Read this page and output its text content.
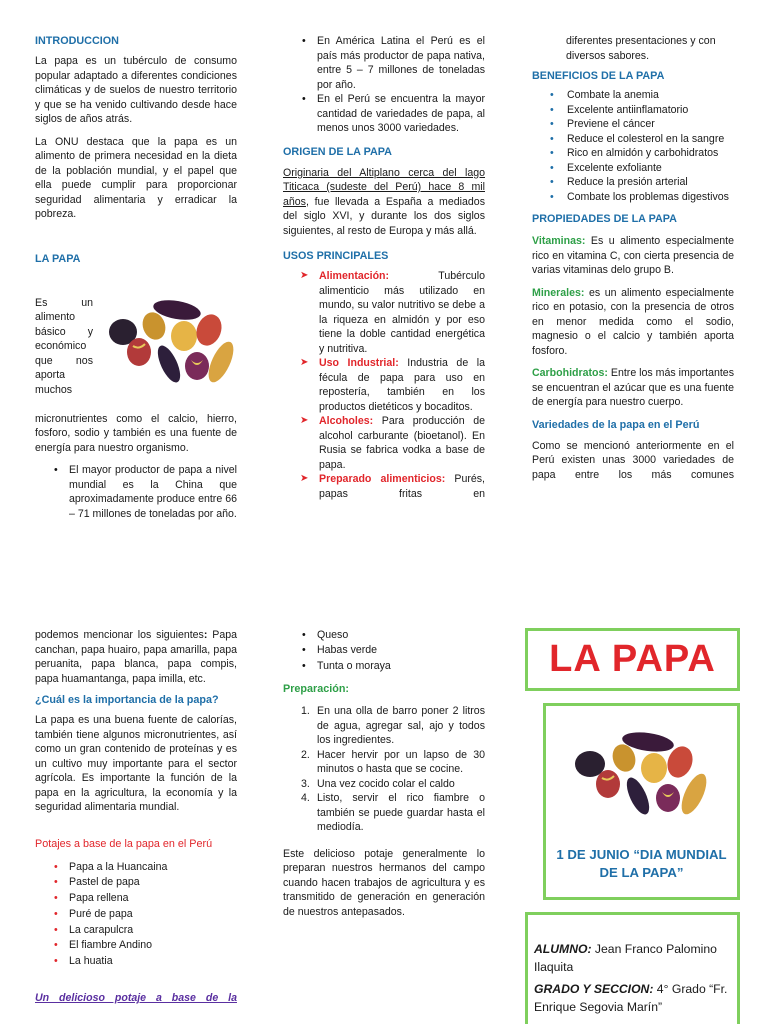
INTRODUCCION

La papa es un tubérculo de consumo popular adaptado a diferentes condiciones climáticas y de suelos de nuestro territorio y que se ha venido cultivando desde hace siglos de años atrás.

La ONU destaca que la papa es un alimento de primera necesidad en la dieta de la población mundial, y el papel que ella puede cumplir para proporcionar seguridad alimentaria y erradicar la pobreza.

LA PAPA
Es	un
alimento
básico y
económico
que nos
aporta
muchos

micronutrientes como el calcio, hierro, fosforo, sodio y también es una fuente de energía para nuestro organismo.

• El mayor productor de papa a nivel mundial es la China que aproximadamente produce entre 66 – 71 millones de toneladas por año.
• En América Latina el Perú es el país más productor de papa nativa, entre 5 – 7 millones de toneladas por año.
• En el Perú se encuentra la mayor cantidad de variedades de papa, al menos unos 3000 variedades.
ORIGEN DE LA PAPA

Originaria del Altiplano cerca del lago Titicaca (sudeste del Perú) hace 8 mil años, fue llevada a España a mediados del siglo XVI, y durante los dos siglos siguientes, al resto de Europa y más allá.

USOS PRINCIPALES
➤ Alimentación: Tubérculo alimenticio más utilizado en mundo, su valor nutritivo se debe a la riqueza en almidón y por eso tiene la doble cantidad energética y nutritiva.
➤ Uso Industrial: Industria de la fécula de papa para uso en repostería, también en los productos dietéticos y bocaditos.
➤ Alcoholes: Para producción de alcohol carburante (bioetanol). En Rusia se fabrica vodka a base de papa.
➤ Preparado alimenticios: Purés, papas fritas en

diferentes presentaciones y con diversos sabores.

BENEFICIOS DE LA PAPA
• Combate la anemia
• Excelente antiinflamatorio
• Previene el cáncer
• Reduce el colesterol en la sangre
• Rico en almidón y carbohidratos
• Excelente exfoliante
• Reduce la presión arterial
• Combate los problemas digestivos
PROPIEDADES DE LA PAPA

Vitaminas: Es u alimento especialmente rico en vitamina C, con cierta presencia de varias vitaminas delo grupo B.

Minerales: es un alimento especialmente rico en potasio, con la presencia de otros en menor medida como el sodio, magnesio o el calcio y también aporta fosforo.

Carbohidratos: Entre los más importantes se encuentran el azúcar que es una fuente de energía para nuestro cuerpo.

Variedades de la papa en el Perú

Como se mencionó anteriormente en el Perú existen unas 3000 variedades de papa entre los más comunes

podemos mencionar los siguientes: Papa canchan, papa huairo, papa amarilla, papa peruanita, papa blanca, papa compis, papa huamantanga, papa imilla, etc.

¿Cuál es la importancia de la papa?

La papa es una buena fuente de calorías, también tiene algunos micronutrientes, así como un gran contenido de proteínas y es un cultivo muy importante para el sector agrícola. Es importante la función de la papa en la agricultura, la economía y la seguridad alimentaria mundial.

Potajes a base de la papa en el Perú
• Papa a la Huancaina
• Pastel de papa
• Papa rellena
• Puré de papa
• La carapulcra
• El fiambre Andino
• La huatia

Un delicioso potaje a base de la

• Queso
• Habas verde
• Tunta o moraya
Preparación:
1. En una olla de barro poner 2 litros de agua, agregar sal, ajo y todos los ingredientes.
2. Hacer hervir por un lapso de 30 minutos o hasta que se cocine.
3. Una vez cocido colar el caldo
4. Listo, servir el rico fiambre o también se puede guardar hasta el mediodía.

Este delicioso potaje generalmente lo preparan nuestros hermanos del campo cuando hacen trabajos de agricultura y es transmitido de generación en generación de nuestros antepasados.

LA PAPA
1 DE JUNIO “DIA MUNDIAL DE LA PAPA”

ALUMNO: Jean Franco Palomino Ilaquita

GRADO Y SECCION: 4° Grado “Fr. Enrique Segovia Marín”
